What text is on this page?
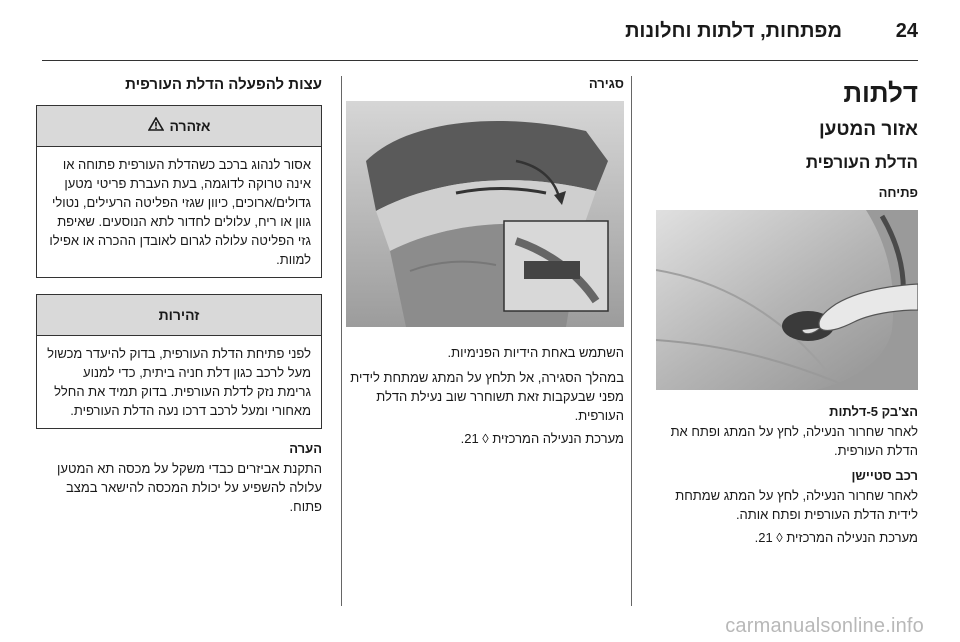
24
מפתחות, דלתות וחלונות
דלתות
אזור המטען
הדלת העורפית
פתיחה
הצ'בק 5-דלתות

לאחר שחרור הנעילה, לחץ על המתג ופתח את הדלת העורפית.

רכב סטיישן

לאחר שחרור הנעילה, לחץ על המתג שמתחת לידית הדלת העורפית ופתח אותה.

מערכת הנעילה המרכזית ◊ 21.

סגירה

השתמש באחת הידיות הפנימיות.

במהלך הסגירה, אל תלחץ על המתג שמתחת לידית מפני שבעקבות זאת תשוחרר שוב נעילת הדלת העורפית.

מערכת הנעילה המרכזית ◊ 21.

עצות להפעלה הדלת העורפית
אזהרה

אסור לנהוג ברכב כשהדלת העורפית פתוחה או אינה טרוקה לדוגמה, בעת העברת פריטי מטען גדולים/ארוכים, כיוון שגזי הפליטה הרעילים, נטולי גוון או ריח, עלולים לחדור לתא הנוסעים. שאיפת גזי הפליטה עלולה לגרום לאובדן ההכרה או אפילו למוות.

זהירות

לפני פתיחת הדלת העורפית, בדוק להיעדר מכשול מעל לרכב כגון דלת חניה ביתית, כדי למנוע גרימת נזק לדלת העורפית. בדוק תמיד את החלל מאחורי ומעל לרכב דרכו נעה הדלת העורפית.

הערה

התקנת אביזרים כבדי משקל על מכסה תא המטען עלולה להשפיע על יכולת המכסה להישאר במצב פתוח.

carmanualsonline.info
